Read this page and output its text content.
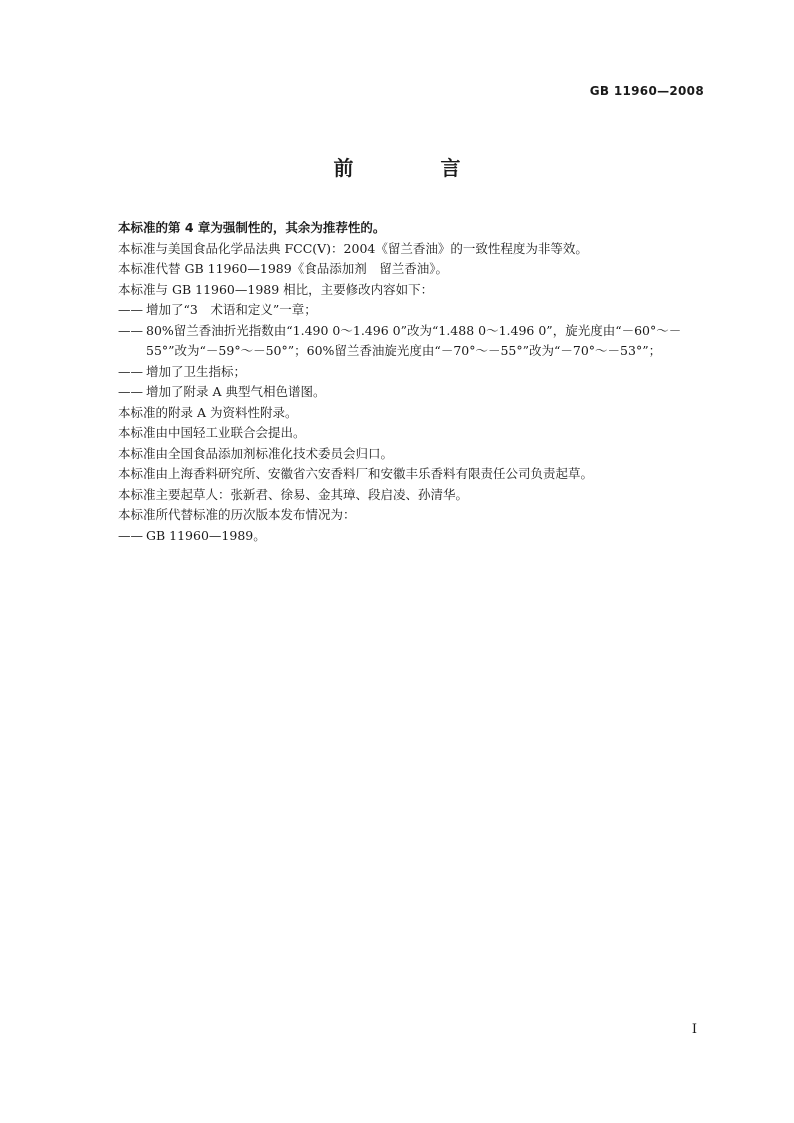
GB 11960—2008
前 言

本标准的第 4 章为强制性的，其余为推荐性的。

本标准与美国食品化学品法典 FCC(Ⅴ)：2004《留兰香油》的一致性程度为非等效。

本标准代替 GB 11960—1989《食品添加剂　留兰香油》。

本标准与 GB 11960—1989 相比，主要修改内容如下：

—— 增加了“3　术语和定义”一章；
—— 80%留兰香油折光指数由“1.490 0～1.496 0”改为“1.488 0～1.496 0”，旋光度由“－60°～－55°”改为“－59°～－50°”；60%留兰香油旋光度由“－70°～－55°”改为“－70°～－53°”；
—— 增加了卫生指标；
—— 增加了附录 A 典型气相色谱图。

本标准的附录 A 为资料性附录。

本标准由中国轻工业联合会提出。

本标准由全国食品添加剂标准化技术委员会归口。

本标准由上海香料研究所、安徽省六安香料厂和安徽丰乐香料有限责任公司负责起草。

本标准主要起草人：张新君、徐易、金其璋、段启凌、孙清华。

本标准所代替标准的历次版本发布情况为：

—— GB 11960—1989。
Ⅰ
